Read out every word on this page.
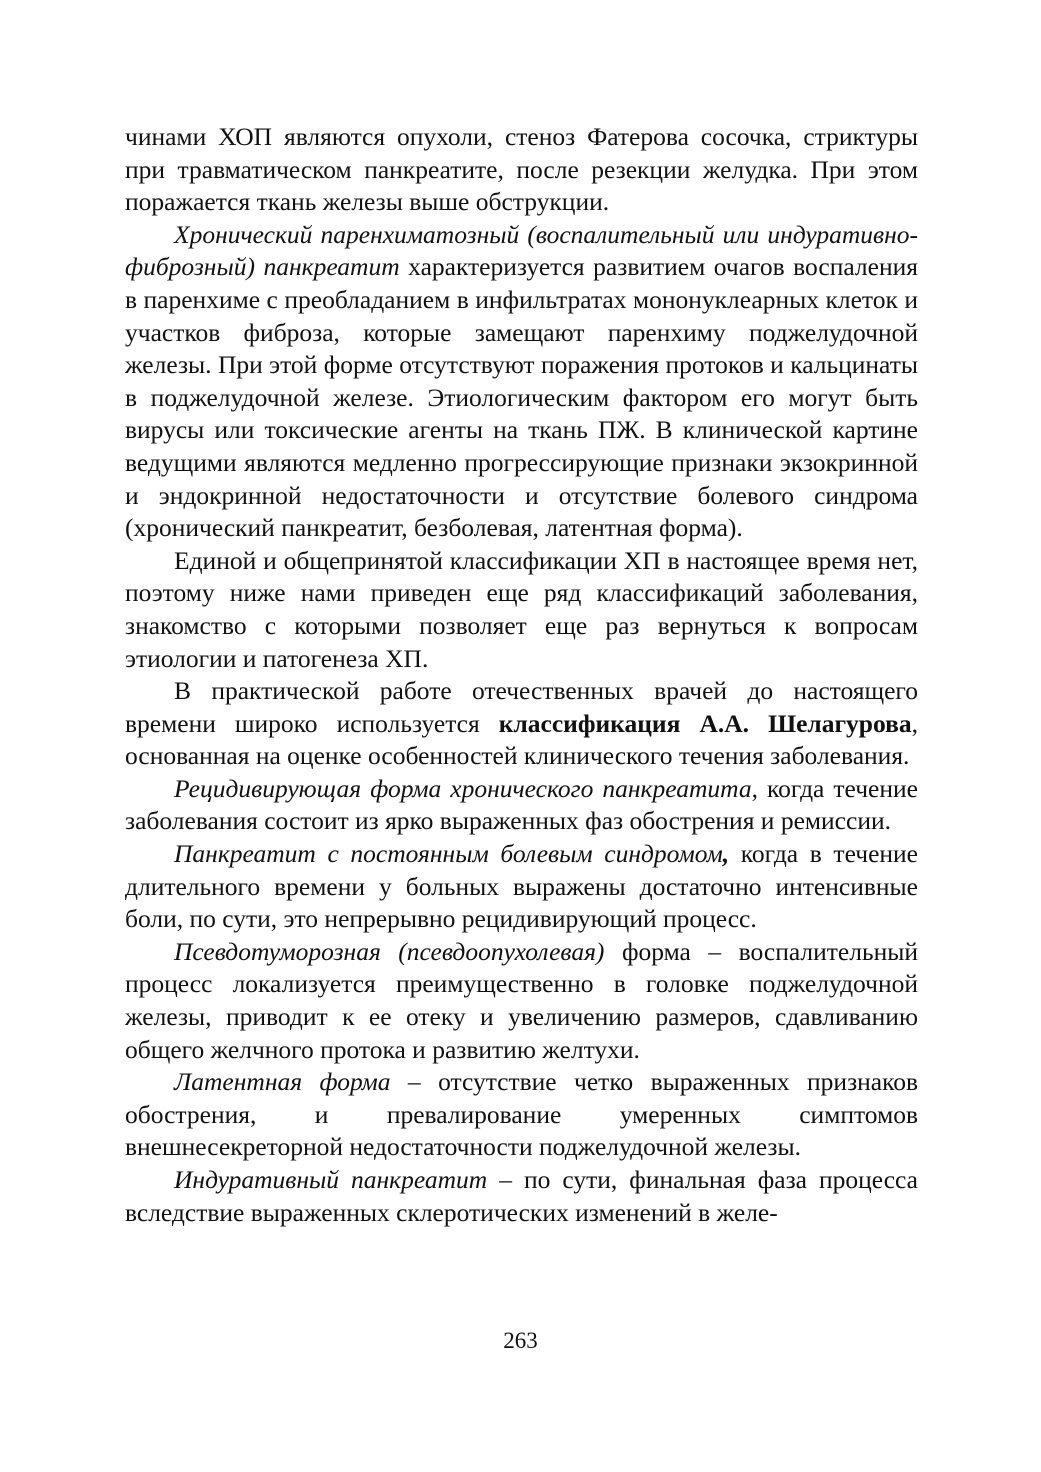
чинами ХОП являются опухоли, стеноз Фатерова сосочка, стриктуры при травматическом панкреатите, после резекции желудка. При этом поражается ткань железы выше обструкции.

Хронический паренхиматозный (воспалительный или индуративно-фиброзный) панкреатит характеризуется развитием очагов воспаления в паренхиме с преобладанием в инфильтратах мононуклеарных клеток и участков фиброза, которые замещают паренхиму поджелудочной железы. При этой форме отсутствуют поражения протоков и кальцинаты в поджелудочной железе. Этиологическим фактором его могут быть вирусы или токсические агенты на ткань ПЖ. В клинической картине ведущими являются медленно прогрессирующие признаки экзокринной и эндокринной недостаточности и отсутствие болевого синдрома (хронический панкреатит, безболевая, латентная форма).

Единой и общепринятой классификации ХП в настоящее время нет, поэтому ниже нами приведен еще ряд классификаций заболевания, знакомство с которыми позволяет еще раз вернуться к вопросам этиологии и патогенеза ХП.

В практической работе отечественных врачей до настоящего времени широко используется классификация А.А. Шелагурова, основанная на оценке особенностей клинического течения заболевания.

Рецидивирующая форма хронического панкреатита, когда течение заболевания состоит из ярко выраженных фаз обострения и ремиссии.

Панкреатит с постоянным болевым синдромом, когда в течение длительного времени у больных выражены достаточно интенсивные боли, по сути, это непрерывно рецидивирующий процесс.

Псевдотуморозная (псевдоопухолевая) форма – воспалительный процесс локализуется преимущественно в головке поджелудочной железы, приводит к ее отеку и увеличению размеров, сдавливанию общего желчного протока и развитию желтухи.

Латентная форма – отсутствие четко выраженных признаков обострения, и превалирование умеренных симптомов внешнесекреторной недостаточности поджелудочной железы.

Индуративный панкреатит – по сути, финальная фаза процесса вследствие выраженных склеротических изменений в желе-

263
